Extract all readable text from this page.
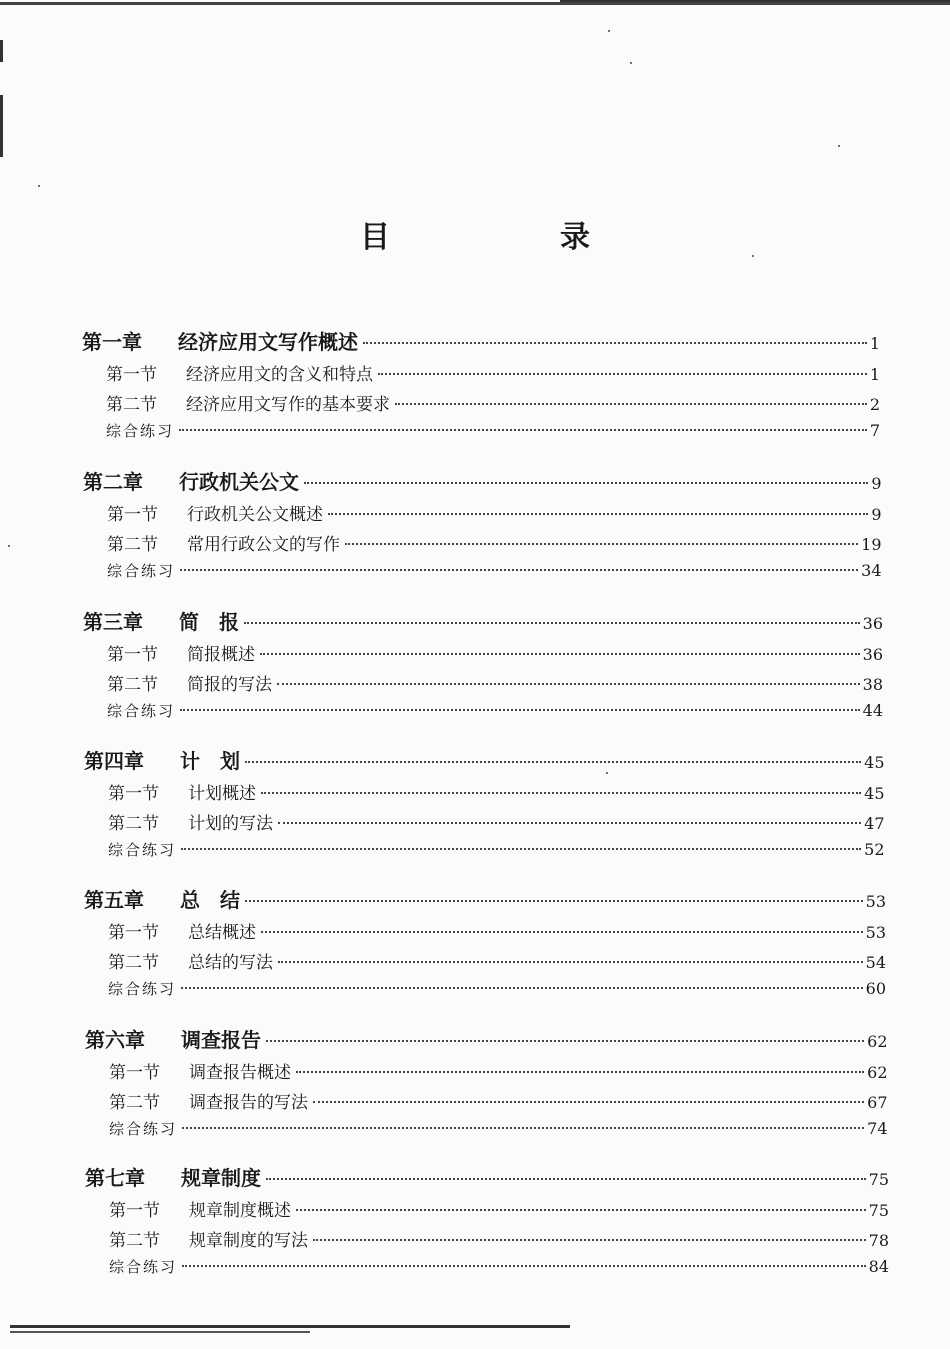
目　录
第一章	经济应用文写作概述	1
第一节	经济应用文的含义和特点	1
第二节	经济应用文写作的基本要求	2
综合练习	7
第二章	行政机关公文	9
第一节	行政机关公文概述	9
第二节	常用行政公文的写作	19
综合练习	34
第三章	简　报	36
第一节	简报概述	36
第二节	简报的写法	38
综合练习	44
第四章	计　划	45
第一节	计划概述	45
第二节	计划的写法	47
综合练习	52
第五章	总　结	53
第一节	总结概述	53
第二节	总结的写法	54
综合练习	60
第六章	调查报告	62
第一节	调查报告概述	62
第二节	调查报告的写法	67
综合练习	74
第七章	规章制度	75
第一节	规章制度概述	75
第二节	规章制度的写法	78
综合练习	84
